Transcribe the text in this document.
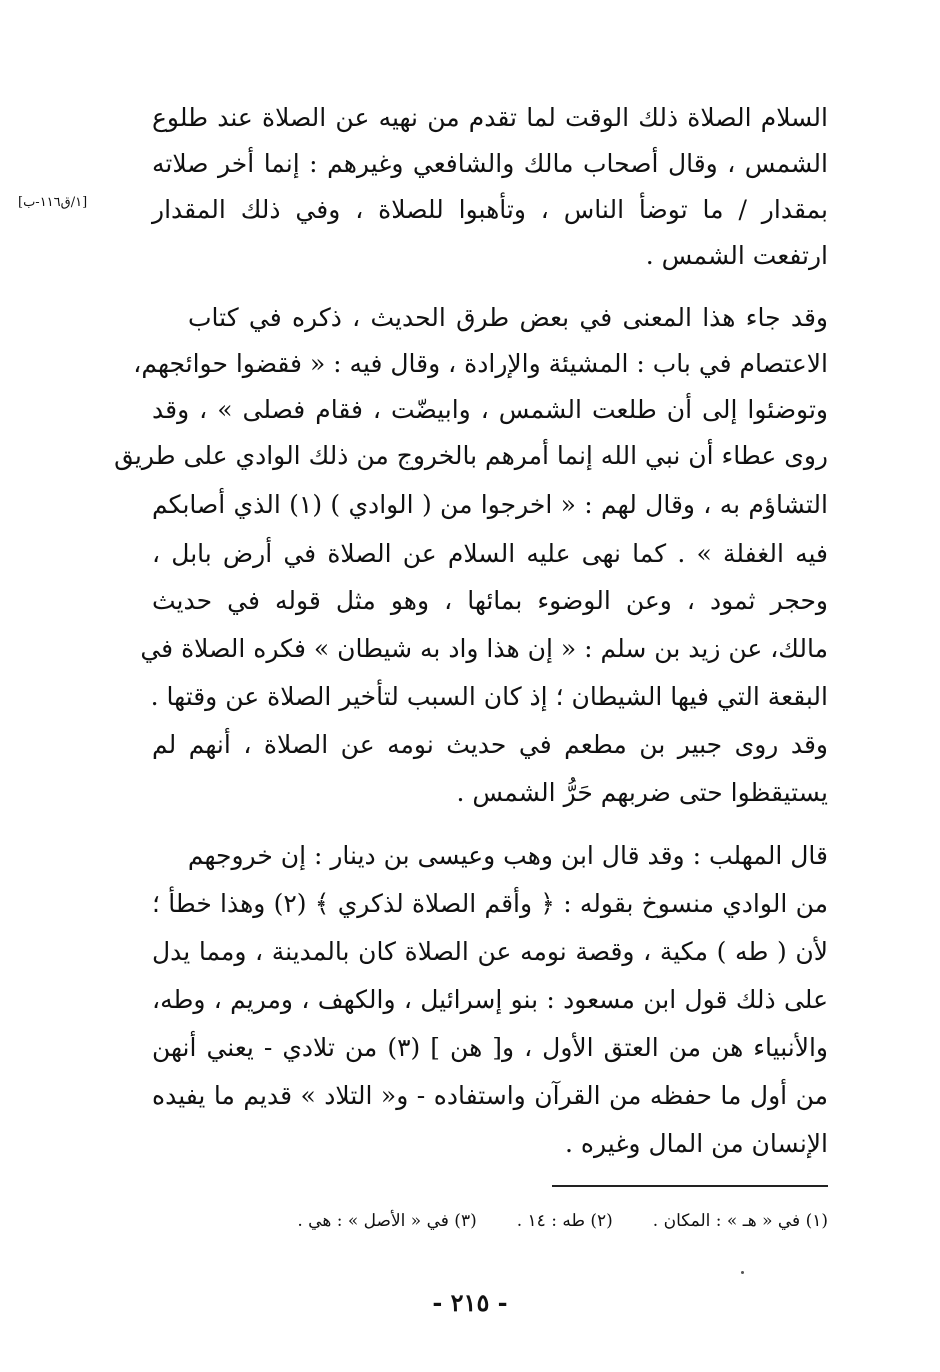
السلام الصلاة ذلك الوقت لما تقدم من نهيه عن الصلاة عند طلوع
الشمس ، وقال أصحاب مالك والشافعي وغيرهم : إنما أخر صلاته
بمقدار / ما توضأ الناس ، وتأهبوا للصلاة ، وفي ذلك المقدار
ارتفعت الشمس .
[١/ق١١٦-ب]
وقد جاء هذا المعنى في بعض طرق الحديث ، ذكره في كتاب
الاعتصام في باب : المشيئة والإرادة ، وقال فيه : « فقضوا حوائجهم،
وتوضئوا إلى أن طلعت الشمس ، وابيضّت ، فقام فصلى » ، وقد
روى عطاء أن نبي الله إنما أمرهم بالخروج من ذلك الوادي على طريق
التشاؤم به ، وقال لهم : « اخرجوا من ( الوادي ) (١) الذي أصابكم
فيه الغفلة » . كما نهى عليه السلام عن الصلاة في أرض بابل ،
وحجر ثمود ، وعن الوضوء بمائها ، وهو مثل قوله في حديث
مالك، عن زيد بن سلم : « إن هذا واد به شيطان » فكره الصلاة في
البقعة التي فيها الشيطان ؛ إذ كان السبب لتأخير الصلاة عن وقتها .
وقد روى جبير بن مطعم في حديث نومه عن الصلاة ، أنهم لم
يستيقظوا حتى ضربهم حَرُّ الشمس .
قال المهلب : وقد قال ابن وهب وعيسى بن دينار : إن خروجهم
من الوادي منسوخ بقوله : ﴿ وأقم الصلاة لذكري ﴾ (٢) وهذا خطأ ؛
لأن ( طه ) مكية ، وقصة نومه عن الصلاة كان بالمدينة ، ومما يدل
على ذلك قول ابن مسعود : بنو إسرائيل ، والكهف ، ومريم ، وطه،
والأنبياء هن من العتق الأول ، و[ هن ] (٣) من تلادي - يعني أنهن
من أول ما حفظه من القرآن واستفاده - و« التلاد » قديم ما يفيده
الإنسان من المال وغيره .
(١) في « هـ » : المكان .
(٢) طه : ١٤ .
(٣) في « الأصل » : هي .
- ٢١٥ -
